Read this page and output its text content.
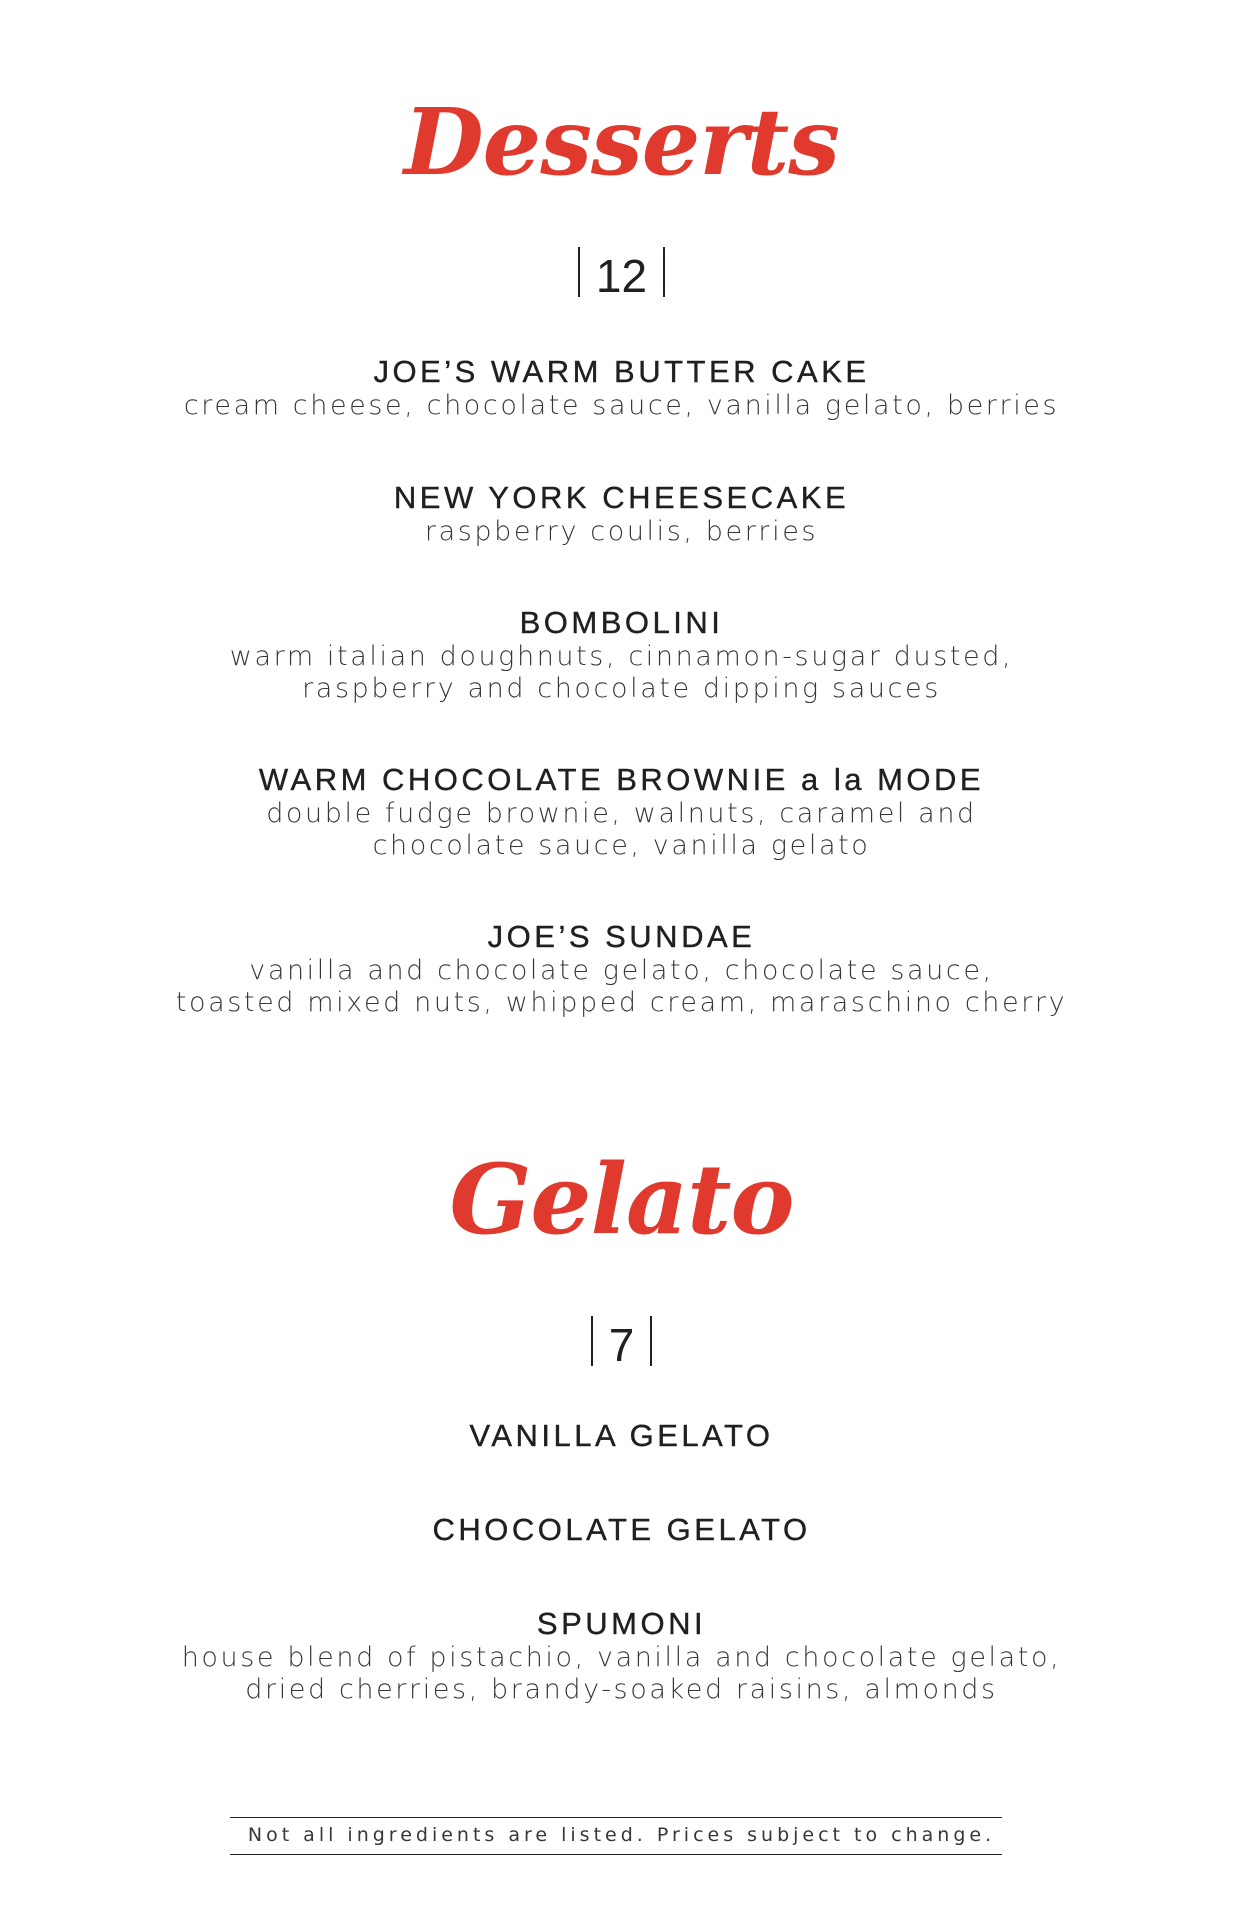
Desserts
12
JOE’S WARM BUTTER CAKE
cream cheese, chocolate sauce, vanilla gelato, berries
NEW YORK CHEESECAKE
raspberry coulis, berries
BOMBOLINI
warm italian doughnuts, cinnamon-sugar dusted,
raspberry and chocolate dipping sauces
WARM CHOCOLATE BROWNIE a la MODE
double fudge brownie, walnuts, caramel and
chocolate sauce, vanilla gelato
JOE’S SUNDAE
vanilla and chocolate gelato, chocolate sauce,
toasted mixed nuts, whipped cream, maraschino cherry
Gelato
7
VANILLA GELATO
CHOCOLATE GELATO
SPUMONI
house blend of pistachio, vanilla and chocolate gelato,
dried cherries, brandy-soaked raisins, almonds
Not all ingredients are listed. Prices subject to change.
